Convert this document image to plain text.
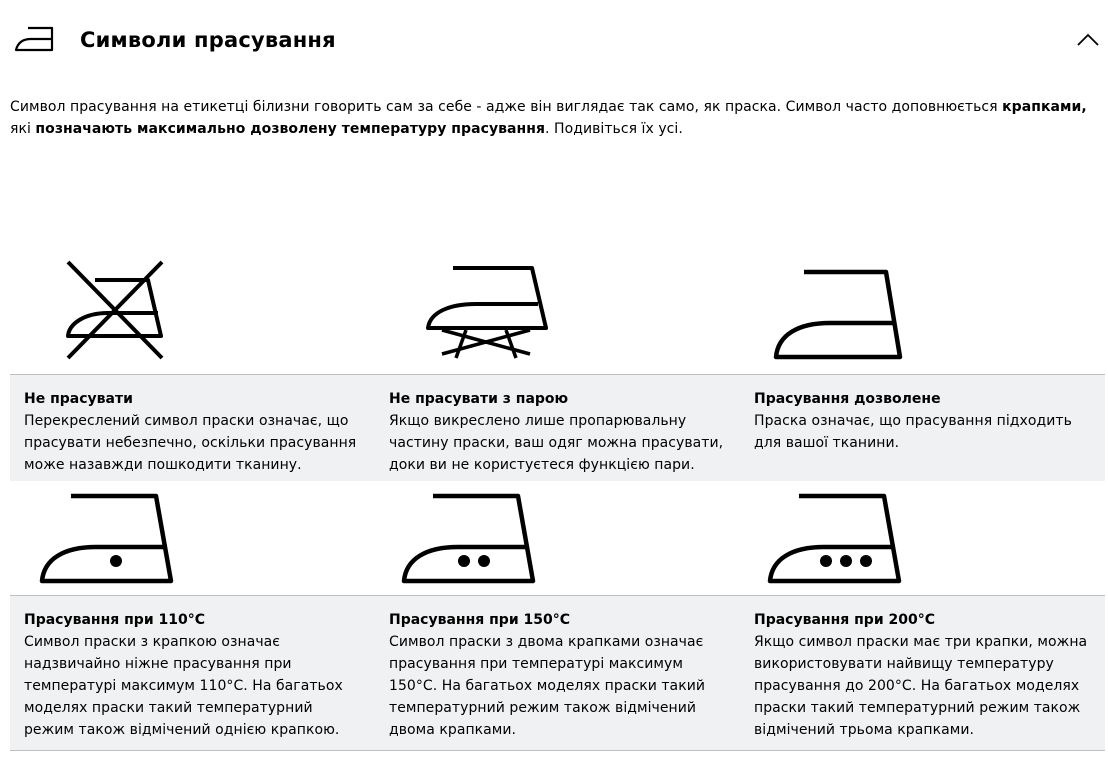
Символи прасування

Символ прасування на етикетці білизни говорить сам за себе - адже він виглядає так само, як праска. Символ часто доповнюється крапками, які позначають максимально дозволену температуру прасування. Подивіться їх усі.

Не прасувати
Перекреслений символ праски означає, що прасувати небезпечно, оскільки прасування може назавжди пошкодити тканину.
Не прасувати з парою
Якщо викреслено лише пропарювальну частину праски, ваш одяг можна прасувати, доки ви не користуєтеся функцією пари.
Прасування дозволене
Праска означає, що прасування підходить для вашої тканини.
Прасування при 110°C
Символ праски з крапкою означає надзвичайно ніжне прасування при температурі максимум 110°C. На багатьох моделях праски такий температурний режим також відмічений однією крапкою.
Прасування при 150°C
Символ праски з двома крапками означає прасування при температурі максимум 150°C. На багатьох моделях праски такий температурний режим також відмічений двома крапками.
Прасування при 200°C
Якщо символ праски має три крапки, можна використовувати найвищу температуру прасування до 200°C. На багатьох моделях праски такий температурний режим також відмічений трьома крапками.
